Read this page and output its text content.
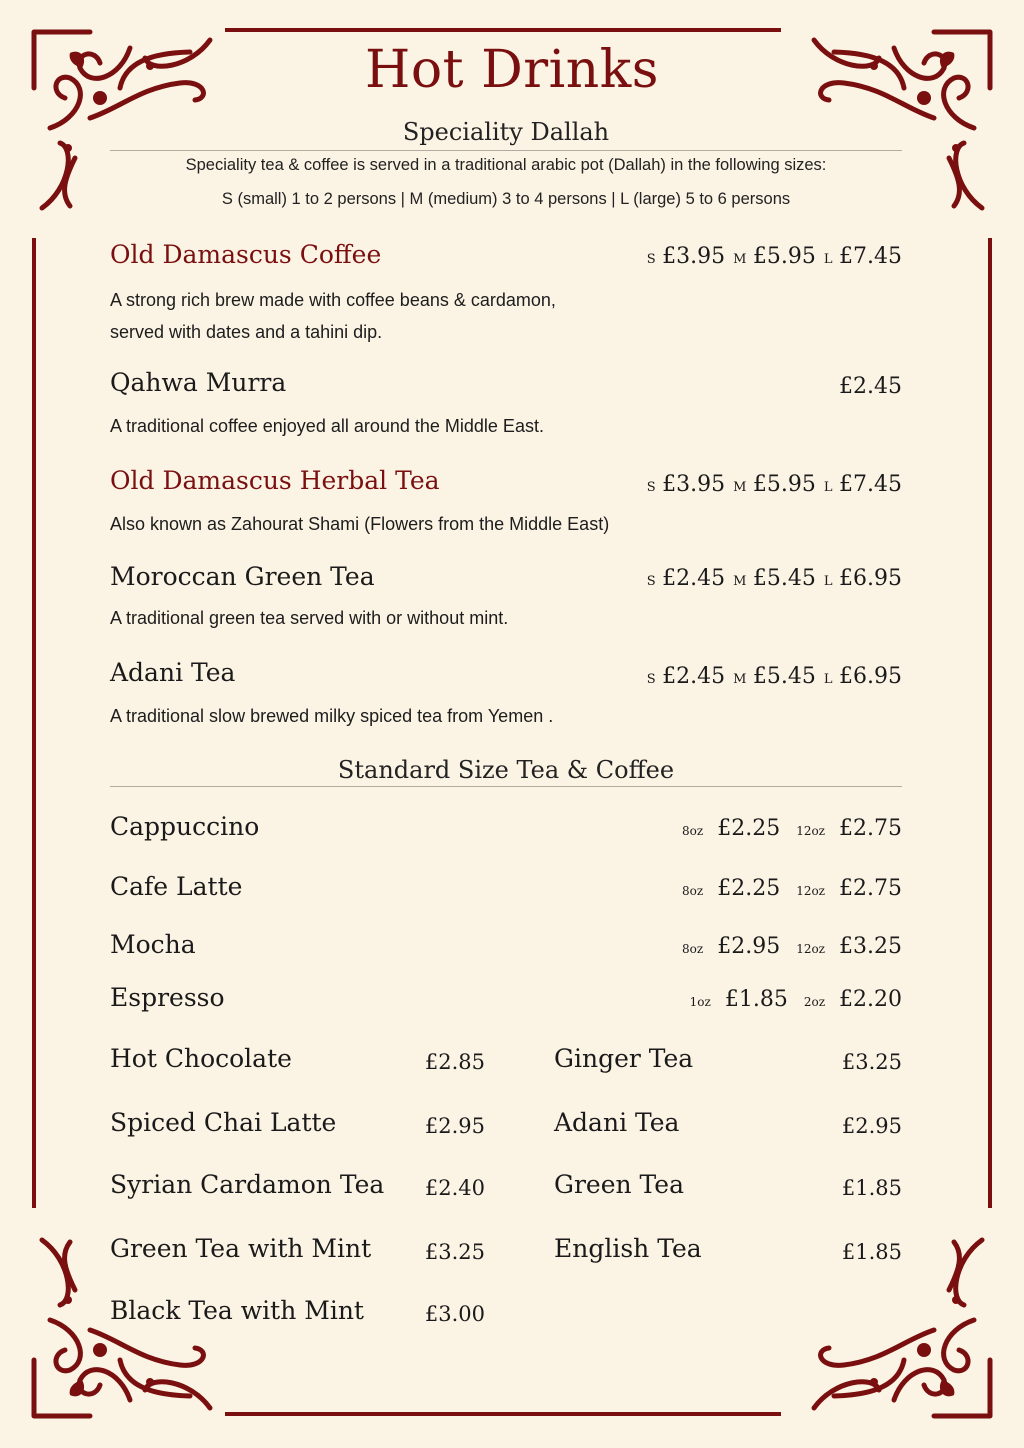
Hot Drinks
Speciality Dallah
Speciality tea & coffee is served in a traditional arabic pot (Dallah) in the following sizes:
S (small) 1 to 2 persons | M (medium) 3 to 4 persons | L (large) 5 to 6 persons
Old Damascus Coffee	S £3.95 M £5.95 L £7.45
A strong rich brew made with coffee beans & cardamon,
served with dates and a tahini dip.
Qahwa Murra	£2.45
A traditional coffee enjoyed all around the Middle East.
Old Damascus Herbal Tea	S £3.95 M £5.95 L £7.45
Also known as Zahourat Shami (Flowers from the Middle East)
Moroccan Green Tea	S £2.45 M £5.45 L £6.95
A traditional green tea served with or without mint.
Adani Tea	S £2.45 M £5.45 L £6.95
A traditional slow brewed milky spiced tea from Yemen .
Standard Size Tea & Coffee
Cappuccino	8oz £2.25 12oz £2.75
Cafe Latte	8oz £2.25 12oz £2.75
Mocha	8oz £2.95 12oz £3.25
Espresso	1oz £1.85 2oz £2.20
Hot Chocolate	£2.85
Spiced Chai Latte	£2.95
Syrian Cardamon Tea	£2.40
Green Tea with Mint	£3.25
Black Tea with Mint	£3.00
Ginger Tea	£3.25
Adani Tea	£2.95
Green Tea	£1.85
English Tea	£1.85
